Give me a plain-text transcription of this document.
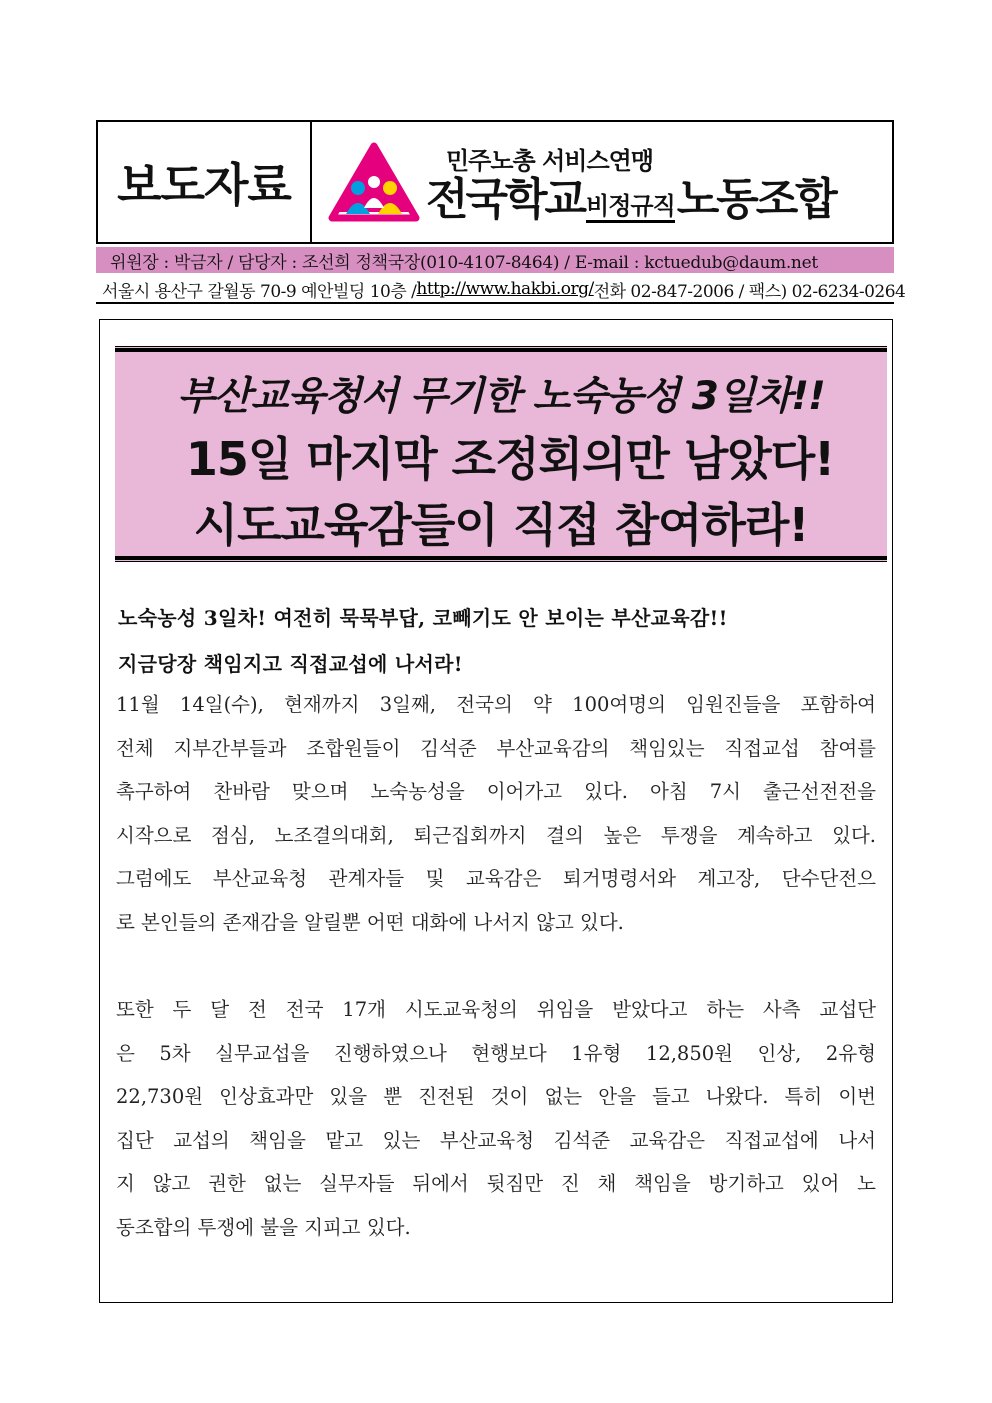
보도자료	민주노총 서비스연맹
전국학교 비정규직 노동조합
위원장 : 박금자 / 담당자 : 조선희 정책국장(010-4107-8464) / E-mail : kctuedub@daum.net
서울시 용산구 갈월동 70-9 예안빌딩 10층 / http://www.hakbi.org/ 전화 02-847-2006 / 팩스) 02-6234-0264
부산교육청서 무기한 노숙농성 3일차!!
15일 마지막 조정회의만 남았다!
시도교육감들이 직접 참여하라!
노숙농성 3일차! 여전히 묵묵부답, 코빼기도 안 보이는 부산교육감!!
지금당장 책임지고 직접교섭에 나서라!
11월 14일(수), 현재까지 3일째, 전국의 약 100여명의 임원진들을 포함하여
전체 지부간부들과 조합원들이 김석준 부산교육감의 책임있는 직접교섭 참여를
촉구하여 찬바람 맞으며 노숙농성을 이어가고 있다. 아침 7시 출근선전전을
시작으로 점심, 노조결의대회, 퇴근집회까지 결의 높은 투쟁을 계속하고 있다.
그럼에도 부산교육청 관계자들 및 교육감은 퇴거명령서와 계고장, 단수단전으
로 본인들의 존재감을 알릴뿐 어떤 대화에 나서지 않고 있다.
또한 두 달 전 전국 17개 시도교육청의 위임을 받았다고 하는 사측 교섭단
은 5차 실무교섭을 진행하였으나 현행보다 1유형 12,850원 인상, 2유형
22,730원 인상효과만 있을 뿐 진전된 것이 없는 안을 들고 나왔다. 특히 이번
집단 교섭의 책임을 맡고 있는 부산교육청 김석준 교육감은 직접교섭에 나서
지 않고 권한 없는 실무자들 뒤에서 뒷짐만 진 채 책임을 방기하고 있어 노
동조합의 투쟁에 불을 지피고 있다.
